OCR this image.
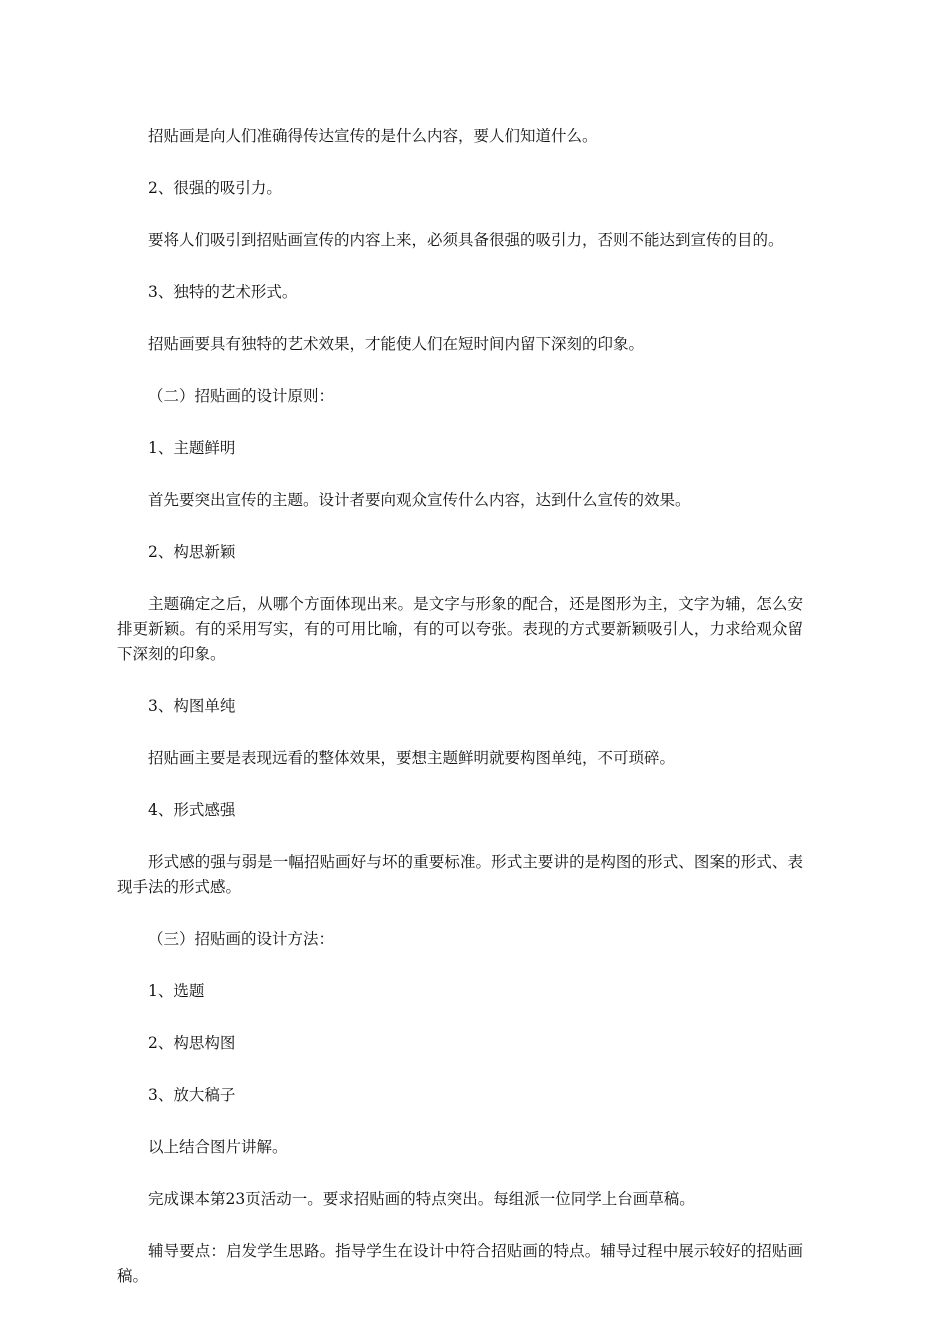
招贴画是向人们准确得传达宣传的是什么内容，要人们知道什么。

2、很强的吸引力。

要将人们吸引到招贴画宣传的内容上来，必须具备很强的吸引力，否则不能达到宣传的目的。

3、独特的艺术形式。

招贴画要具有独特的艺术效果，才能使人们在短时间内留下深刻的印象。

（二）招贴画的设计原则：

1、主题鲜明

首先要突出宣传的主题。设计者要向观众宣传什么内容，达到什么宣传的效果。

2、构思新颖

主题确定之后，从哪个方面体现出来。是文字与形象的配合，还是图形为主，文字为辅，怎么安排更新颖。有的采用写实，有的可用比喻，有的可以夸张。表现的方式要新颖吸引人，力求给观众留下深刻的印象。

3、构图单纯

招贴画主要是表现远看的整体效果，要想主题鲜明就要构图单纯，不可琐碎。

4、形式感强

形式感的强与弱是一幅招贴画好与坏的重要标准。形式主要讲的是构图的形式、图案的形式、表现手法的形式感。

（三）招贴画的设计方法：

1、选题

2、构思构图

3、放大稿子

以上结合图片讲解。

完成课本第23页活动一。要求招贴画的特点突出。每组派一位同学上台画草稿。

辅导要点：启发学生思路。指导学生在设计中符合招贴画的特点。辅导过程中展示较好的招贴画稿。
